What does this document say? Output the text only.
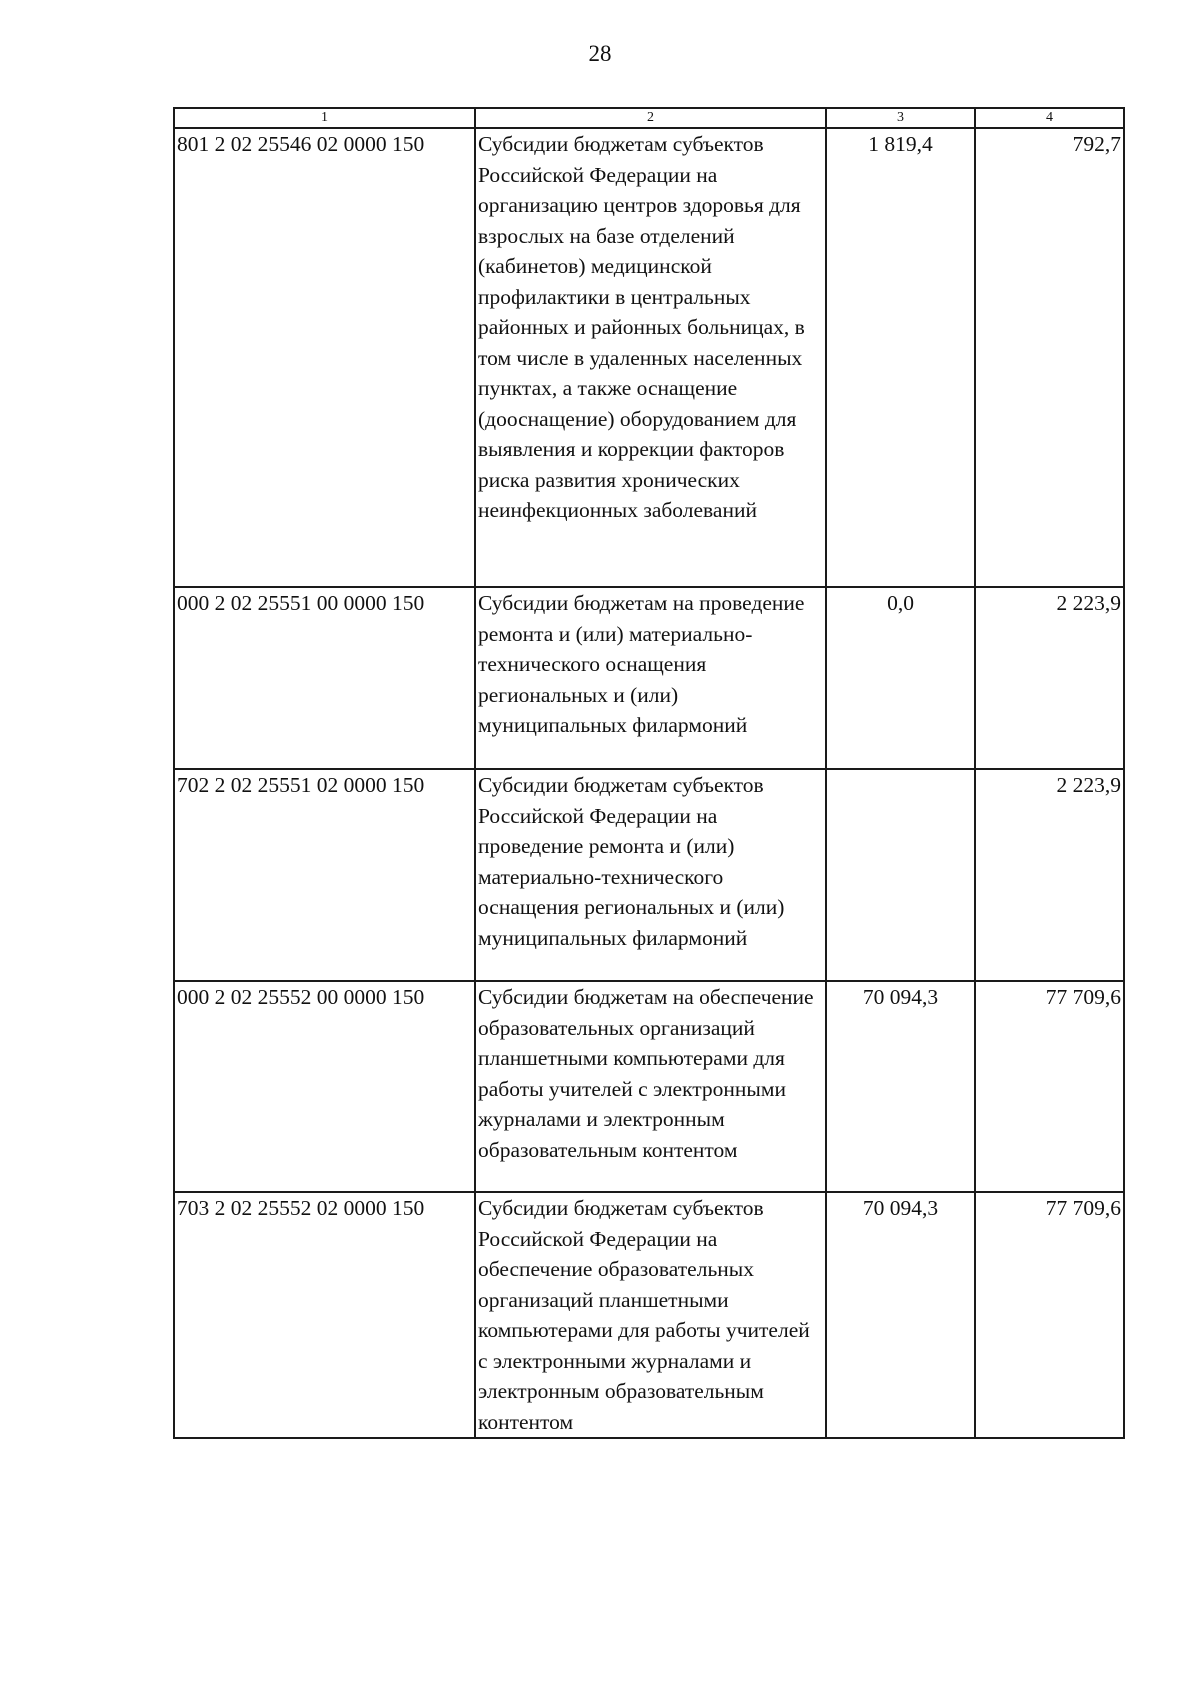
28
1	2	3	4
801 2 02 25546 02 0000 150	Субсидии бюджетам субъектов Российской Федерации на организацию центров здоровья для взрослых на базе отделений (кабинетов) медицинской профилактики в центральных районных и районных больницах, в том числе в удаленных населенных пунктах, а также оснащение (дооснащение) оборудованием для выявления и коррекции факторов риска развития хронических неинфекционных заболеваний	1 819,4	792,7
000 2 02 25551 00 0000 150	Субсидии бюджетам на проведение ремонта и (или) материально-технического оснащения региональных и (или) муниципальных филармоний	0,0	2 223,9
702 2 02 25551 02 0000 150	Субсидии бюджетам субъектов Российской Федерации на проведение ремонта и (или) материально-технического оснащения региональных и (или) муниципальных филармоний		2 223,9
000 2 02 25552 00 0000 150	Субсидии бюджетам на обеспечение образовательных организаций планшетными компьютерами для работы учителей с электронными журналами и электронным образовательным контентом	70 094,3	77 709,6
703 2 02 25552 02 0000 150	Субсидии бюджетам субъектов Российской Федерации на обеспечение образовательных организаций планшетными компьютерами для работы учителей с электронными журналами и электронным образовательным контентом	70 094,3	77 709,6
